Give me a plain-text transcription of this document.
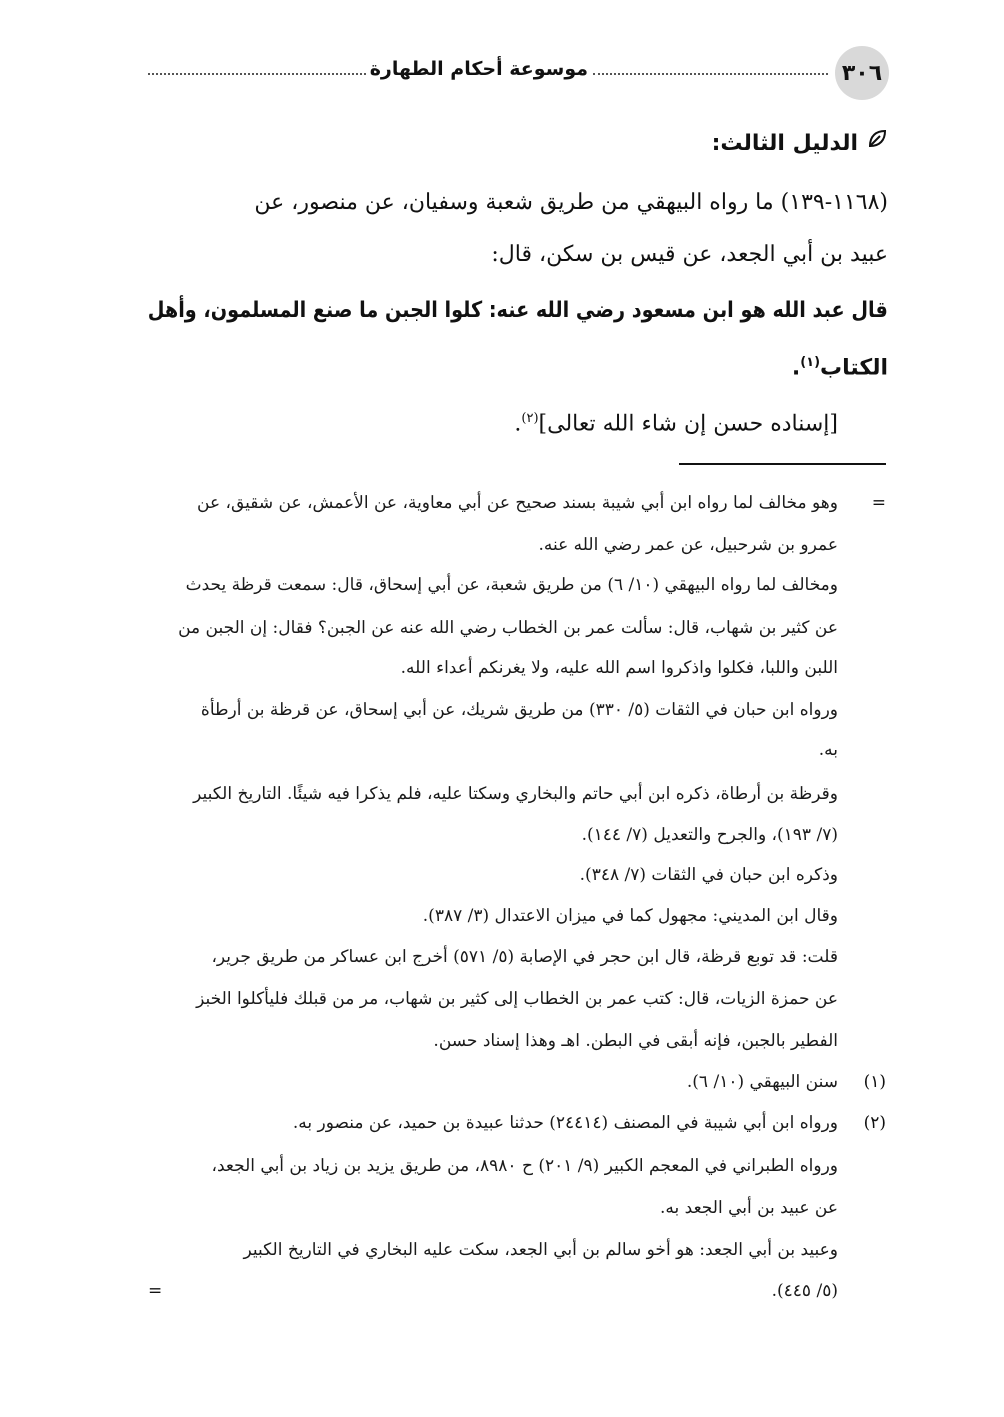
٣٠٦
موسوعة أحكام الطهارة
الدليل الثالث:
(١١٦٨-١٣٩) ما رواه البيهقي من طريق شعبة وسفيان، عن منصور، عن
عبيد بن أبي الجعد، عن قيس بن سكن، قال:
قال عبد الله هو ابن مسعود رضي الله عنه: كلوا الجبن ما صنع المسلمون، وأهل
الكتاب$^{(١)}$.
[إسناده حسن إن شاء الله تعالى]$^{(٢)}$.
=
وهو مخالف لما رواه ابن أبي شيبة بسند صحيح عن أبي معاوية، عن الأعمش، عن شقيق، عن
عمرو بن شرحبيل، عن عمر رضي الله عنه.
ومخالف لما رواه البيهقي (١٠/ ٦) من طريق شعبة، عن أبي إسحاق، قال: سمعت قرظة يحدث
عن كثير بن شهاب، قال: سألت عمر بن الخطاب رضي الله عنه عن الجبن؟ فقال: إن الجبن من
اللبن واللبا، فكلوا واذكروا اسم الله عليه، ولا يغرنكم أعداء الله.
ورواه ابن حبان في الثقات (٥/ ٣٣٠) من طريق شريك، عن أبي إسحاق، عن قرظة بن أرطأة
به.
وقرظة بن أرطاة، ذكره ابن أبي حاتم والبخاري وسكتا عليه، فلم يذكرا فيه شيئًا. التاريخ الكبير
(٧/ ١٩٣)، والجرح والتعديل (٧/ ١٤٤).
وذكره ابن حبان في الثقات (٧/ ٣٤٨).
وقال ابن المديني: مجهول كما في ميزان الاعتدال (٣/ ٣٨٧).
قلت: قد توبع قرظة، قال ابن حجر في الإصابة (٥/ ٥٧١) أخرج ابن عساكر من طريق جرير،
عن حمزة الزيات، قال: كتب عمر بن الخطاب إلى كثير بن شهاب، مر من قبلك فليأكلوا الخبز
الفطير بالجبن، فإنه أبقى في البطن. اهـ وهذا إسناد حسن.
(١)
سنن البيهقي (١٠/ ٦).
(٢)
ورواه ابن أبي شيبة في المصنف (٢٤٤١٤) حدثنا عبيدة بن حميد، عن منصور به.
ورواه الطبراني في المعجم الكبير (٩/ ٢٠١) ح ٨٩٨٠، من طريق يزيد بن زياد بن أبي الجعد،
عن عبيد بن أبي الجعد به.
وعبيد بن أبي الجعد: هو أخو سالم بن أبي الجعد، سكت عليه البخاري في التاريخ الكبير
(٥/ ٤٤٥).
=
